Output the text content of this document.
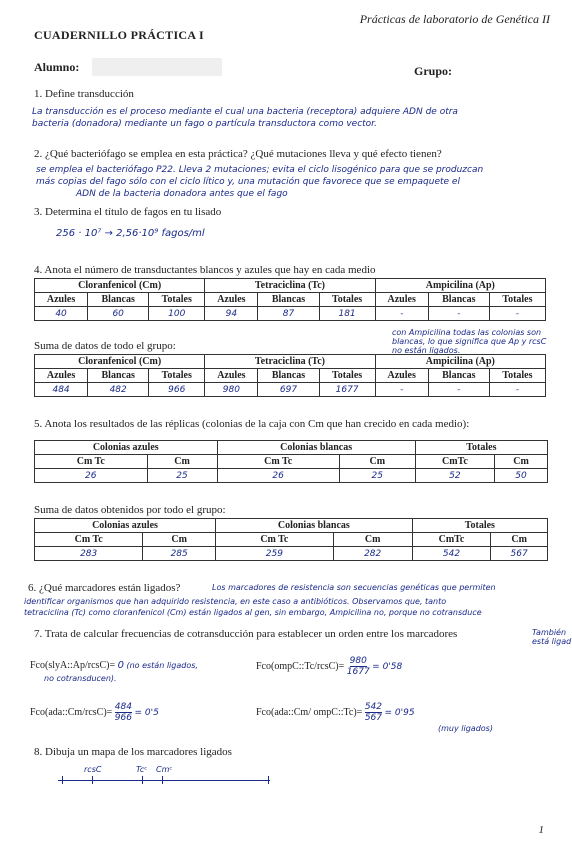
Prácticas de laboratorio de Genética II
CUADERNILLO PRÁCTICA I
Alumno:	Grupo:
1. Define transducción
La transducción es el proceso mediante el cual una bacteria (receptora) adquiere ADN de otra
bacteria (donadora) mediante un fago o partícula transductora como vector.
2. ¿Qué bacteriófago se emplea en esta práctica? ¿Qué mutaciones lleva y qué efecto tienen?
se emplea el bacteriófago P22. Lleva 2 mutaciones; evita el ciclo lisogénico para que se produzcan
más copias del fago sólo con el ciclo lítico y, una mutación que favorece que se empaquete el
ADN de la bacteria donadora antes que el fago
3. Determina el título de fagos en tu lisado
256 · 10⁷ → 2,56·10⁹ fagos/ml
4. Anota el número de transductantes blancos y azules que hay en cada medio
Cloranfenicol (Cm)			Tetraciclina (Tc)			Ampicilina (Ap)		
Azules	Blancas	Totales	Azules	Blancas	Totales	Azules	Blancas	Totales
40	60	100	94	87	181	-	-	-
con Ampicilina todas las colonias son
blancas, lo que significa que Ap y rcsC
no están ligados.
Suma de datos de todo el grupo:
Cloranfenicol (Cm)			Tetraciclina (Tc)			Ampicilina (Ap)		
Azules	Blancas	Totales	Azules	Blancas	Totales	Azules	Blancas	Totales
484	482	966	980	697	1677	-	-	-
5. Anota los resultados de las réplicas (colonias de la caja con Cm que han crecido en cada medio):
Colonias azules		Colonias blancas		Totales	
Cm Tc	Cm	Cm Tc	Cm	CmTc	Cm
26	25	26	25	52	50
Suma de datos obtenidos por todo el grupo:
Colonias azules		Colonias blancas		Totales	
Cm Tc	Cm	Cm Tc	Cm	CmTc	Cm
283	285	259	282	542	567
6. ¿Qué marcadores están ligados?	Los marcadores de resistencia son secuencias genéticas que permiten
identificar organismos que han adquirido resistencia, en este caso a antibióticos. Observamos que, tanto
tetraciclina (Tc) como cloranfenicol (Cm) están ligados al gen, sin embargo, Ampicilina no, porque no cotransduce
7. Trata de calcular frecuencias de cotransducción para establecer un orden entre los marcadores	También
está ligad
Fco(slyA::Ap/rcsC)= 0 (no están ligados,
no cotransducen).
Fco(ompC::Tc/rcsC)= $\frac{980}{1677} = 0'58$
Fco(ada::Cm/rcsC)= $\frac{484}{966} = 0'5$	Fco(ada::Cm/ ompC::Tc)= $\frac{542}{567} = 0'95$
(muy ligados)
8. Dibuja un mapa de los marcadores ligados
rcsC	Tcᶜ Cmᶜ
1
